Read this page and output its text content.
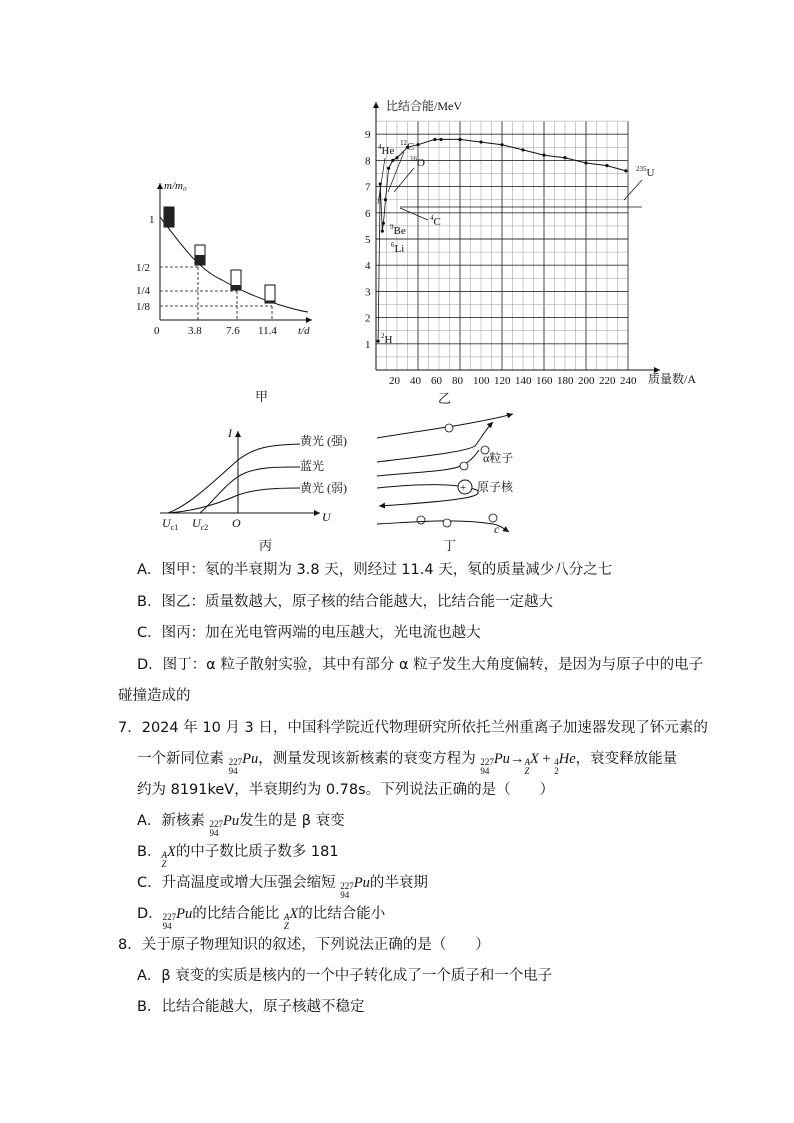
m/m₀
t/d
1
1/2
1/4
1/8
0	3.8 7.6 11.4
甲
1
2
3
4
5
6
7
8
9
20 40 60 80 100 120 140 160 180 200 220 240
比结合能/MeV
质量数/A
$^4$He
$^{12}$C
$^{16}$O	$^{235}$U
$^4$C
$^9$Be
$^6$Li
$^2$H
乙
I
U
O
$U_{c1}$ $U_{c2}$
黄光 (强)
蓝光
黄光 (弱)
丙
+
α粒子
原子核
c
丁
A．图甲：氡的半衰期为 3.8 天，则经过 11.4 天，氡的质量减少八分之七
B．图乙：质量数越大，原子核的结合能越大，比结合能一定越大
C．图丙：加在光电管两端的电压越大，光电流也越大
D．图丁：α 粒子散射实验，其中有部分 α 粒子发生大角度偏转，是因为与原子中的电子
碰撞造成的
7．2024 年 10 月 3 日，中国科学院近代物理研究所依托兰州重离子加速器发现了钚元素的
一个新同位素 227
94
Pu，测量发现该新核素的衰变方程为 227
94
Pu→ A
Z
X + 4
2
He，衰变释放能量
约为 8191keV，半衰期约为 0.78s。下列说法正确的是（　　）
A．新核素 227
94
Pu发生的是 β 衰变
B． A
Z
X的中子数比质子数多 181
C．升高温度或增大压强会缩短 227
94
Pu的半衰期
D． 227
94
Pu的比结合能比 A
Z
X的比结合能小
8．关于原子物理知识的叙述，下列说法正确的是（　　）
A．β 衰变的实质是核内的一个中子转化成了一个质子和一个电子
B．比结合能越大，原子核越不稳定
